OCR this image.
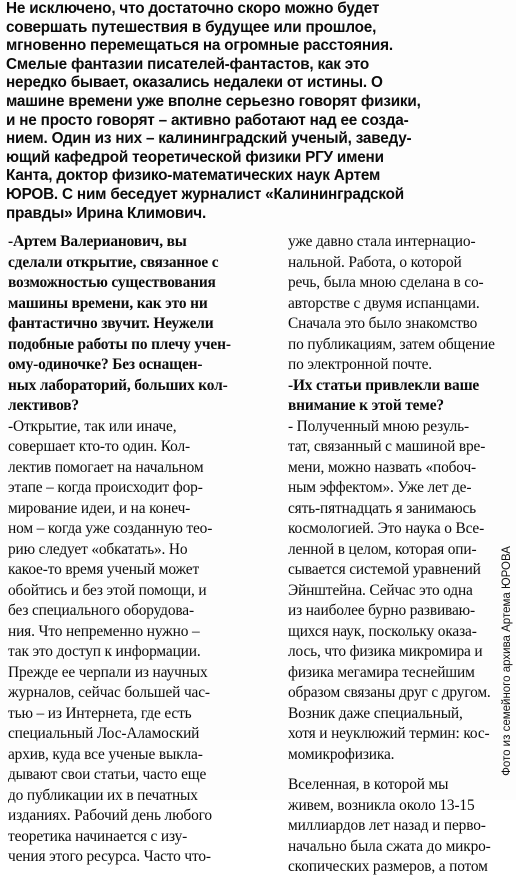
Не исключено, что достаточно скоро можно будет
совершать путешествия в будущее или прошлое,
мгновенно перемещаться на огромные расстояния.
Смелые фантазии писателей-фантастов, как это
нередко бывает, оказались недалеки от истины. О
машине времени уже вполне серьезно говорят физики,
и не просто говорят – активно работают над ее созда-
нием. Один из них – калининградский ученый, заведу-
ющий кафедрой теоретической физики РГУ имени
Канта, доктор физико-математических наук Артем
ЮРОВ. С ним беседует журналист «Калининградской
правды» Ирина Климович.
-Артем Валерианович, вы
сделали открытие, связанное с
возможностью существования
машины времени, как это ни
фантастично звучит. Неужели
подобные работы по плечу учен-
ому-одиночке? Без оснащен-
ных лабораторий, больших кол-
лективов?
-Открытие, так или иначе,
совершает кто-то один. Кол-
лектив помогает на начальном
этапе – когда происходит фор-
мирование идеи, и на конеч-
ном – когда уже созданную тео-
рию следует «обкатать». Но
какое-то время ученый может
обойтись и без этой помощи, и
без специального оборудова-
ния. Что непременно нужно –
так это доступ к информации.
Прежде ее черпали из научных
журналов, сейчас большей час-
тью – из Интернета, где есть
специальный Лос-Аламоский
архив, куда все ученые выкла-
дывают свои статьи, часто еще
до публикации их в печатных
изданиях. Рабочий день любого
теоретика начинается с изу-
чения этого ресурса. Часто что-
уже давно стала интернацио-
нальной. Работа, о которой
речь, была мною сделана в со-
авторстве с двумя испанцами.
Сначала это было знакомство
по публикациям, затем общение
по электронной почте.
-Их статьи привлекли ваше
внимание к этой теме?
- Полученный мною резуль-
тат, связанный с машиной вре-
мени, можно назвать «побоч-
ным эффектом». Уже лет де-
сять-пятнадцать я занимаюсь
космологией. Это наука о Все-
ленной в целом, которая опи-
сывается системой уравнений
Эйнштейна. Сейчас это одна
из наиболее бурно развиваю-
щихся наук, поскольку оказа-
лось, что физика микромира и
физика мегамира теснейшим
образом связаны друг с другом.
Возник даже специальный,
хотя и неуклюжий термин: кос-
момикрофизика.
Вселенная, в которой мы
живем, возникла около 13-15
миллиардов лет назад и перво-
начально была сжата до микро-
скопических размеров, а потом
Фото из семейного архива Артема ЮРОВА
